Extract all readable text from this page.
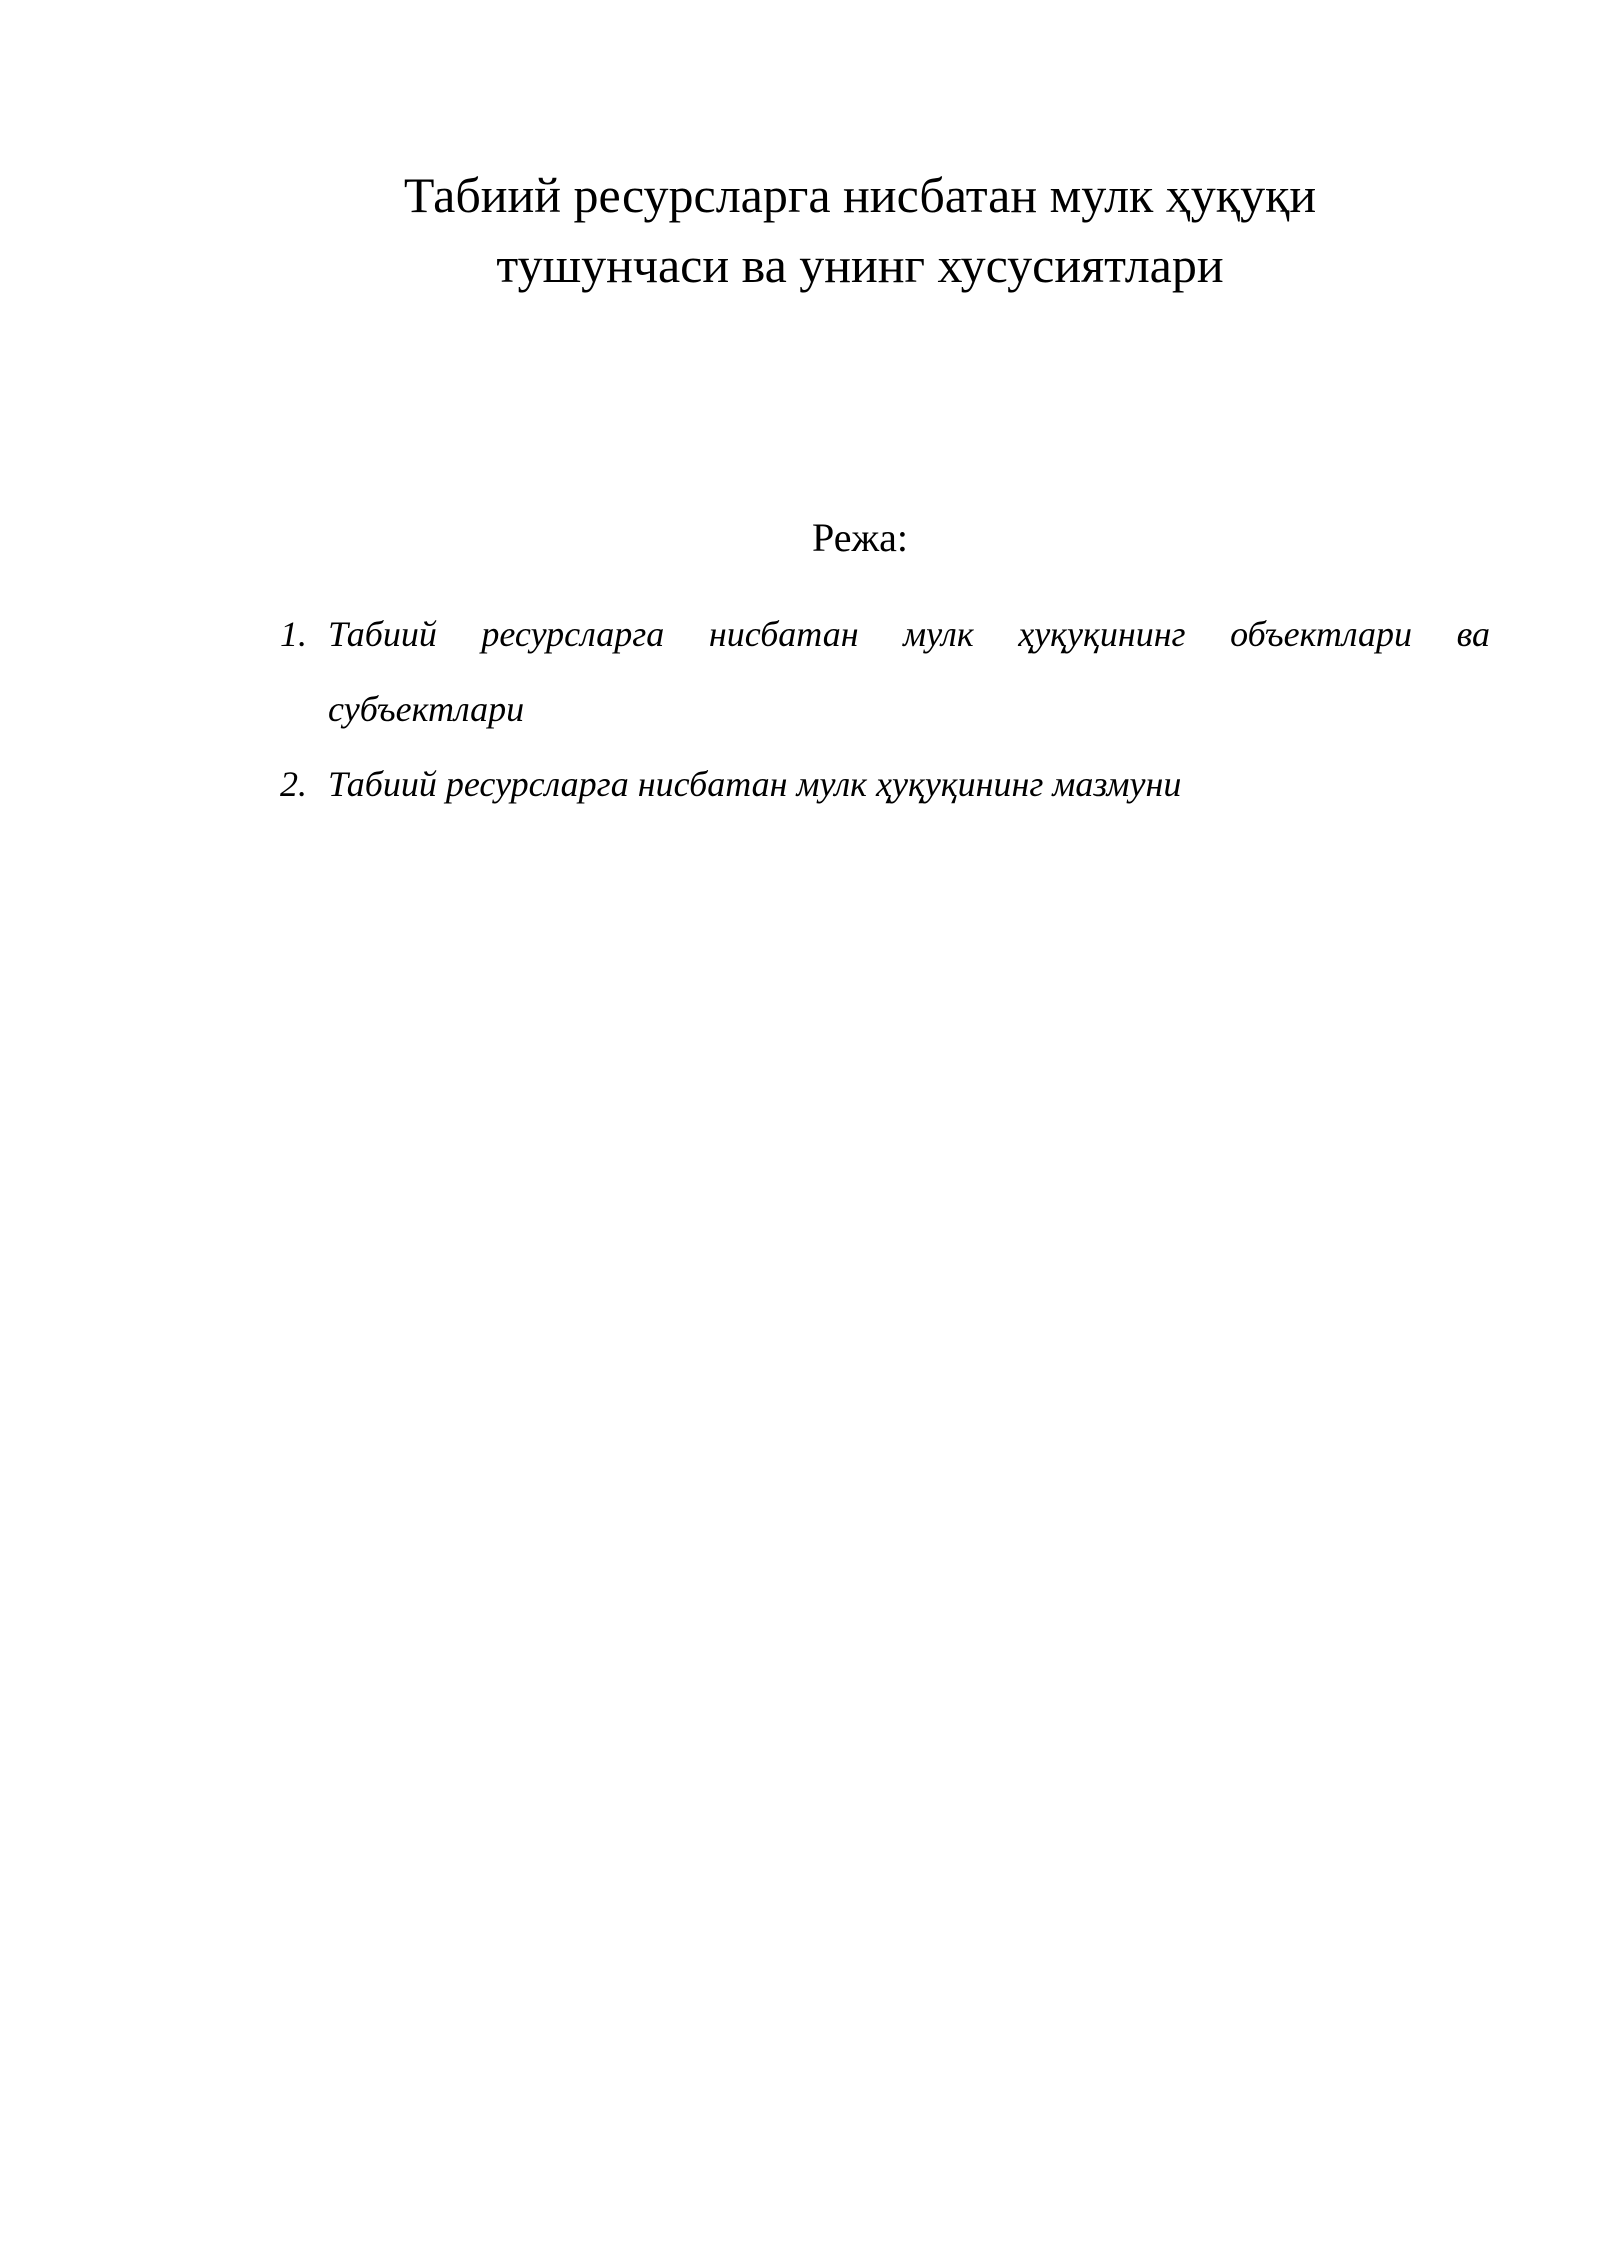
Табиий ресурсларга нисбатан мулк ҳуқуқи
тушунчаси ва унинг хусусиятлари
Режа:
1. Табиий ресурсларга нисбатан мулк ҳуқуқининг объектлари ва
субъектлари
2. Табиий ресурсларга нисбатан мулк ҳуқуқининг мазмуни
